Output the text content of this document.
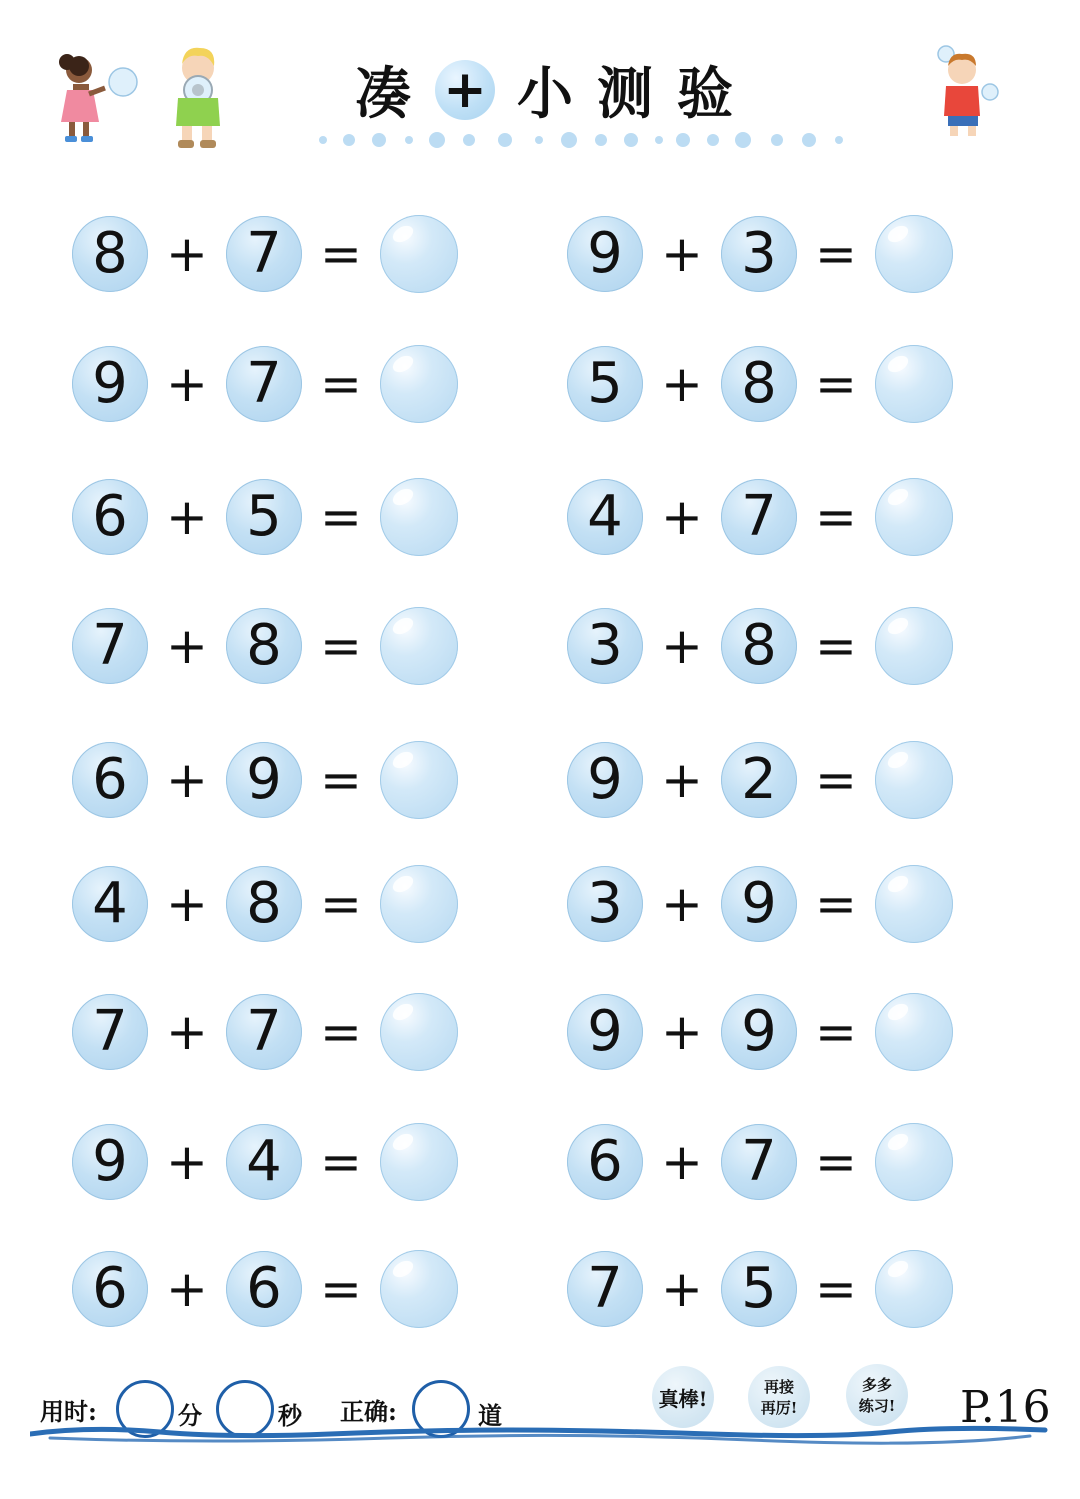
凑 + 小 测 验
8 + 7 =
9 + 7 =
6 + 5 =
7 + 8 =
6 + 9 =
4 + 8 =
7 + 7 =
9 + 4 =
6 + 6 =
9 + 3 =
5 + 8 =
4 + 7 =
3 + 8 =
9 + 2 =
3 + 9 =
9 + 9 =
6 + 7 =
7 + 5 =
用时:	分	秒 正确:	道
真棒!	再接
再厉!
多多
练习! P.16
